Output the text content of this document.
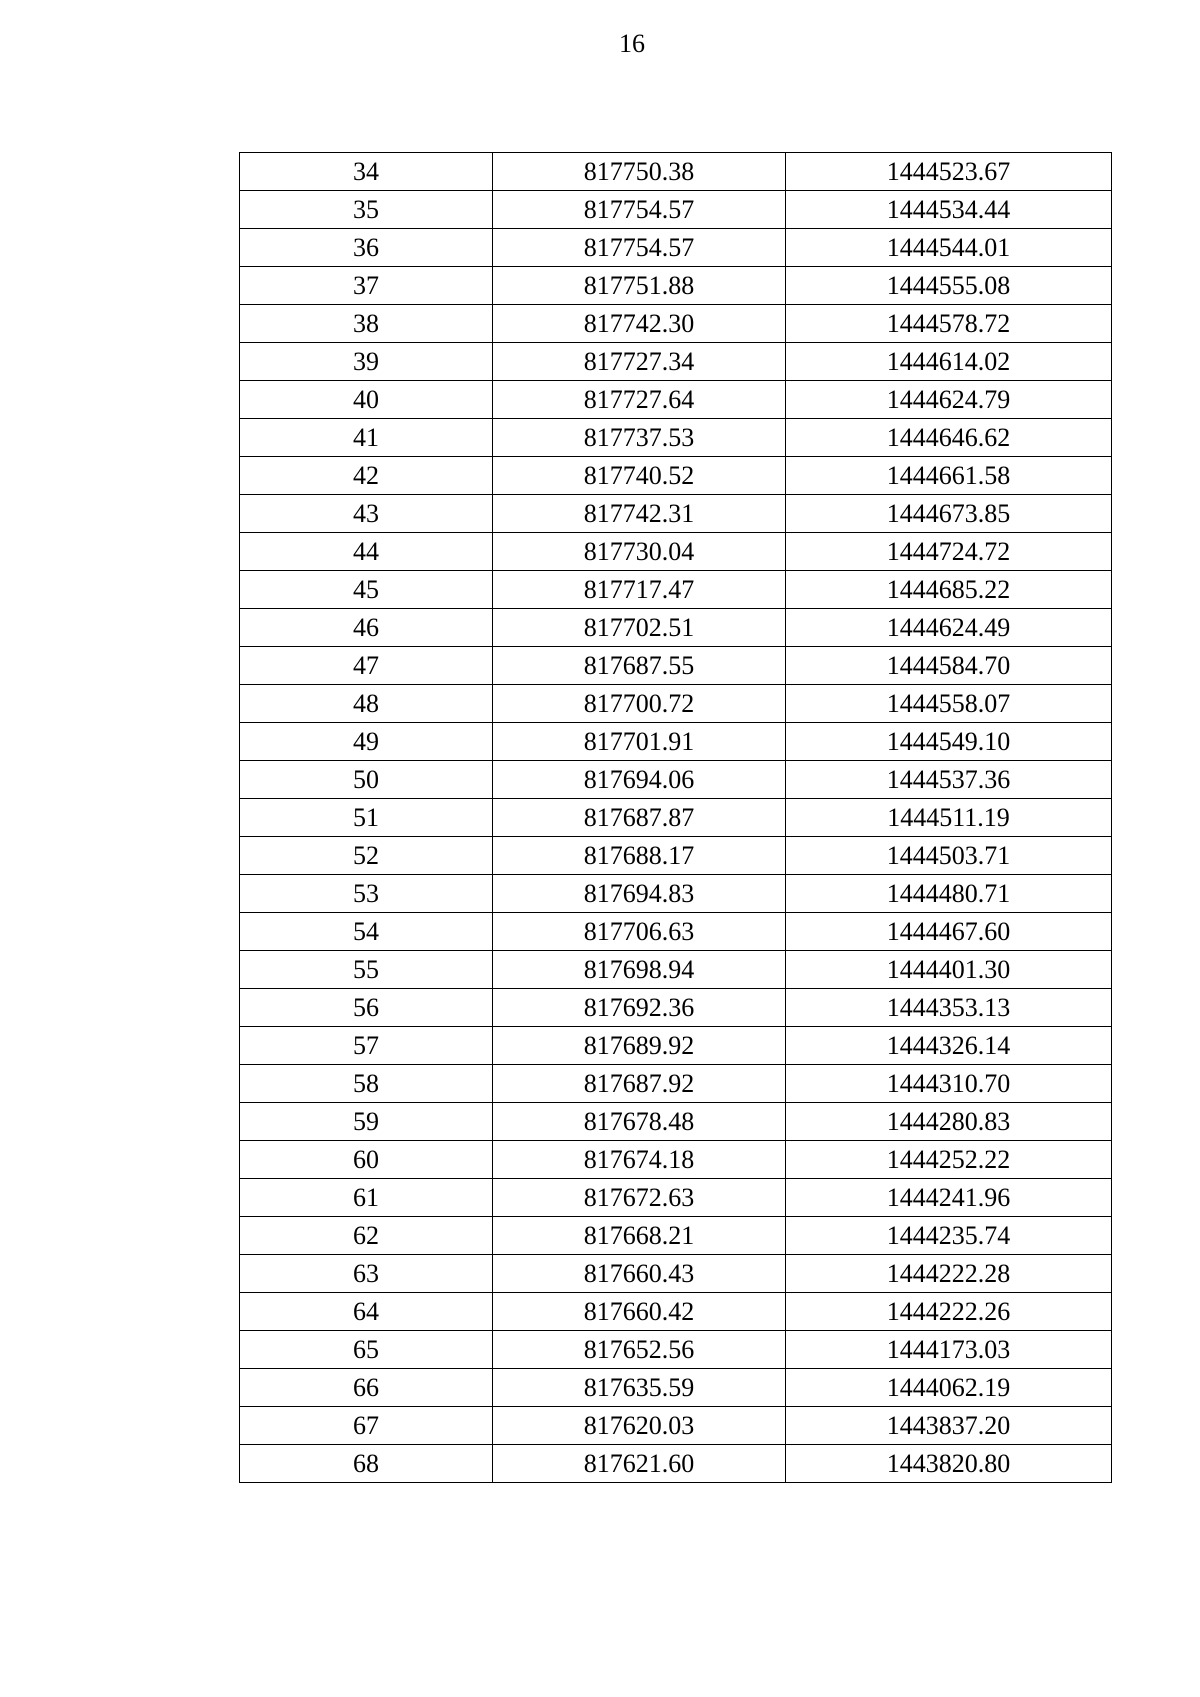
16
34	817750.38	1444523.67
35	817754.57	1444534.44
36	817754.57	1444544.01
37	817751.88	1444555.08
38	817742.30	1444578.72
39	817727.34	1444614.02
40	817727.64	1444624.79
41	817737.53	1444646.62
42	817740.52	1444661.58
43	817742.31	1444673.85
44	817730.04	1444724.72
45	817717.47	1444685.22
46	817702.51	1444624.49
47	817687.55	1444584.70
48	817700.72	1444558.07
49	817701.91	1444549.10
50	817694.06	1444537.36
51	817687.87	1444511.19
52	817688.17	1444503.71
53	817694.83	1444480.71
54	817706.63	1444467.60
55	817698.94	1444401.30
56	817692.36	1444353.13
57	817689.92	1444326.14
58	817687.92	1444310.70
59	817678.48	1444280.83
60	817674.18	1444252.22
61	817672.63	1444241.96
62	817668.21	1444235.74
63	817660.43	1444222.28
64	817660.42	1444222.26
65	817652.56	1444173.03
66	817635.59	1444062.19
67	817620.03	1443837.20
68	817621.60	1443820.80
